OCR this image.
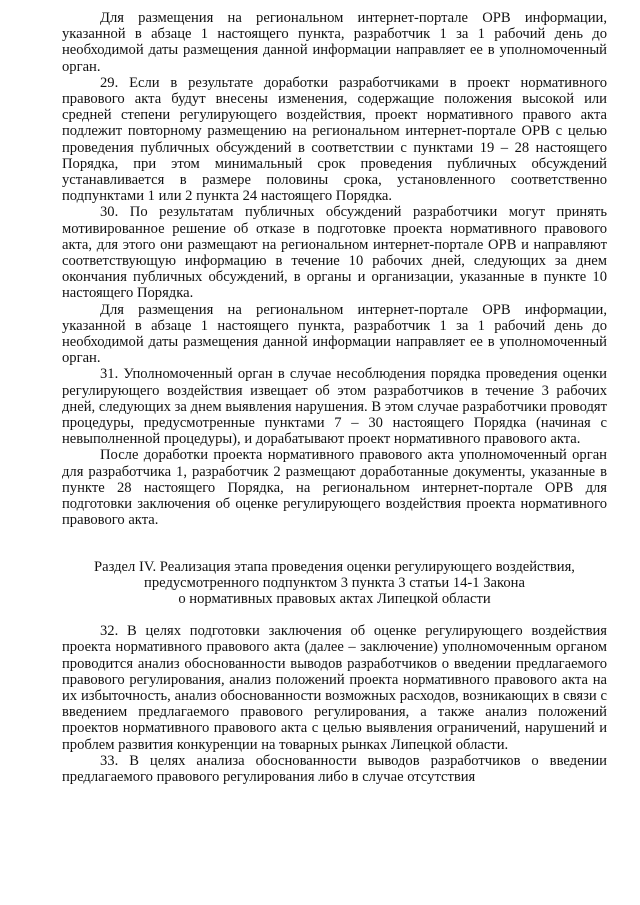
Для размещения на региональном интернет-портале ОРВ информации, указанной в абзаце 1 настоящего пункта, разработчик 1 за 1 рабочий день до необходимой даты размещения данной информации направляет ее в уполномоченный орган.

29. Если в результате доработки разработчиками в проект нормативного правового акта будут внесены изменения, содержащие положения высокой или средней степени регулирующего воздействия, проект нормативного правого акта подлежит повторному размещению на региональном интернет-портале ОРВ с целью проведения публичных обсуждений в соответствии с пунктами 19 – 28 настоящего Порядка, при этом минимальный срок проведения публичных обсуждений устанавливается в размере половины срока, установленного соответственно подпунктами 1 или 2 пункта 24 настоящего Порядка.

30. По результатам публичных обсуждений разработчики могут принять мотивированное решение об отказе в подготовке проекта нормативного правового акта, для этого они размещают на региональном интернет-портале ОРВ и направляют соответствующую информацию в течение 10 рабочих дней, следующих за днем окончания публичных обсуждений, в органы и организации, указанные в пункте 10 настоящего Порядка.

Для размещения на региональном интернет-портале ОРВ информации, указанной в абзаце 1 настоящего пункта, разработчик 1 за 1 рабочий день до необходимой даты размещения данной информации направляет ее в уполномоченный орган.

31. Уполномоченный орган в случае несоблюдения порядка проведения оценки регулирующего воздействия извещает об этом разработчиков в течение 3 рабочих дней, следующих за днем выявления нарушения. В этом случае разработчики проводят процедуры, предусмотренные пунктами 7 – 30 настоящего Порядка (начиная с невыполненной процедуры), и дорабатывают проект нормативного правового акта.

После доработки проекта нормативного правового акта уполномоченный орган для разработчика 1, разработчик 2 размещают доработанные документы, указанные в пункте 28 настоящего Порядка, на региональном интернет-портале ОРВ для подготовки заключения об оценке регулирующего воздействия проекта нормативного правового акта.

Раздел IV. Реализация этапа проведения оценки регулирующего воздействия,
предусмотренного подпунктом 3 пункта 3 статьи 14-1 Закона
о нормативных правовых актах Липецкой области

32. В целях подготовки заключения об оценке регулирующего воздействия проекта нормативного правового акта (далее – заключение) уполномоченным органом проводится анализ обоснованности выводов разработчиков о введении предлагаемого правового регулирования, анализ положений проекта нормативного правового акта на их избыточность, анализ обоснованности возможных расходов, возникающих в связи с введением предлагаемого правового регулирования, а также анализ положений проектов нормативного правового акта с целью выявления ограничений, нарушений и проблем развития конкуренции на товарных рынках Липецкой области.

33. В целях анализа обоснованности выводов разработчиков о введении предлагаемого правового регулирования либо в случае отсутствия
